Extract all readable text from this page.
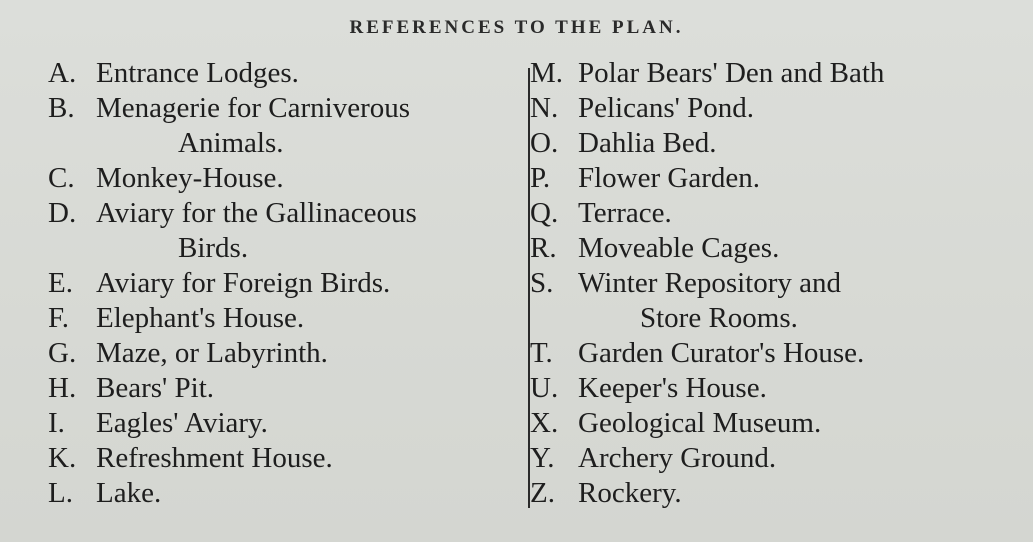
REFERENCES TO THE PLAN.
A. Entrance Lodges.
B. Menagerie for Carniverous
Animals.
C. Monkey-House.
D. Aviary for the Gallinaceous
Birds.
E. Aviary for Foreign Birds.
F. Elephant's House.
G. Maze, or Labyrinth.
H. Bears' Pit.
I. Eagles' Aviary.
K. Refreshment House.
L. Lake.
M. Polar Bears' Den and Bath
N. Pelicans' Pond.
O. Dahlia Bed.
P. Flower Garden.
Q. Terrace.
R. Moveable Cages.
S. Winter Repository and
Store Rooms.
T. Garden Curator's House.
U. Keeper's House.
X. Geological Museum.
Y. Archery Ground.
Z. Rockery.
